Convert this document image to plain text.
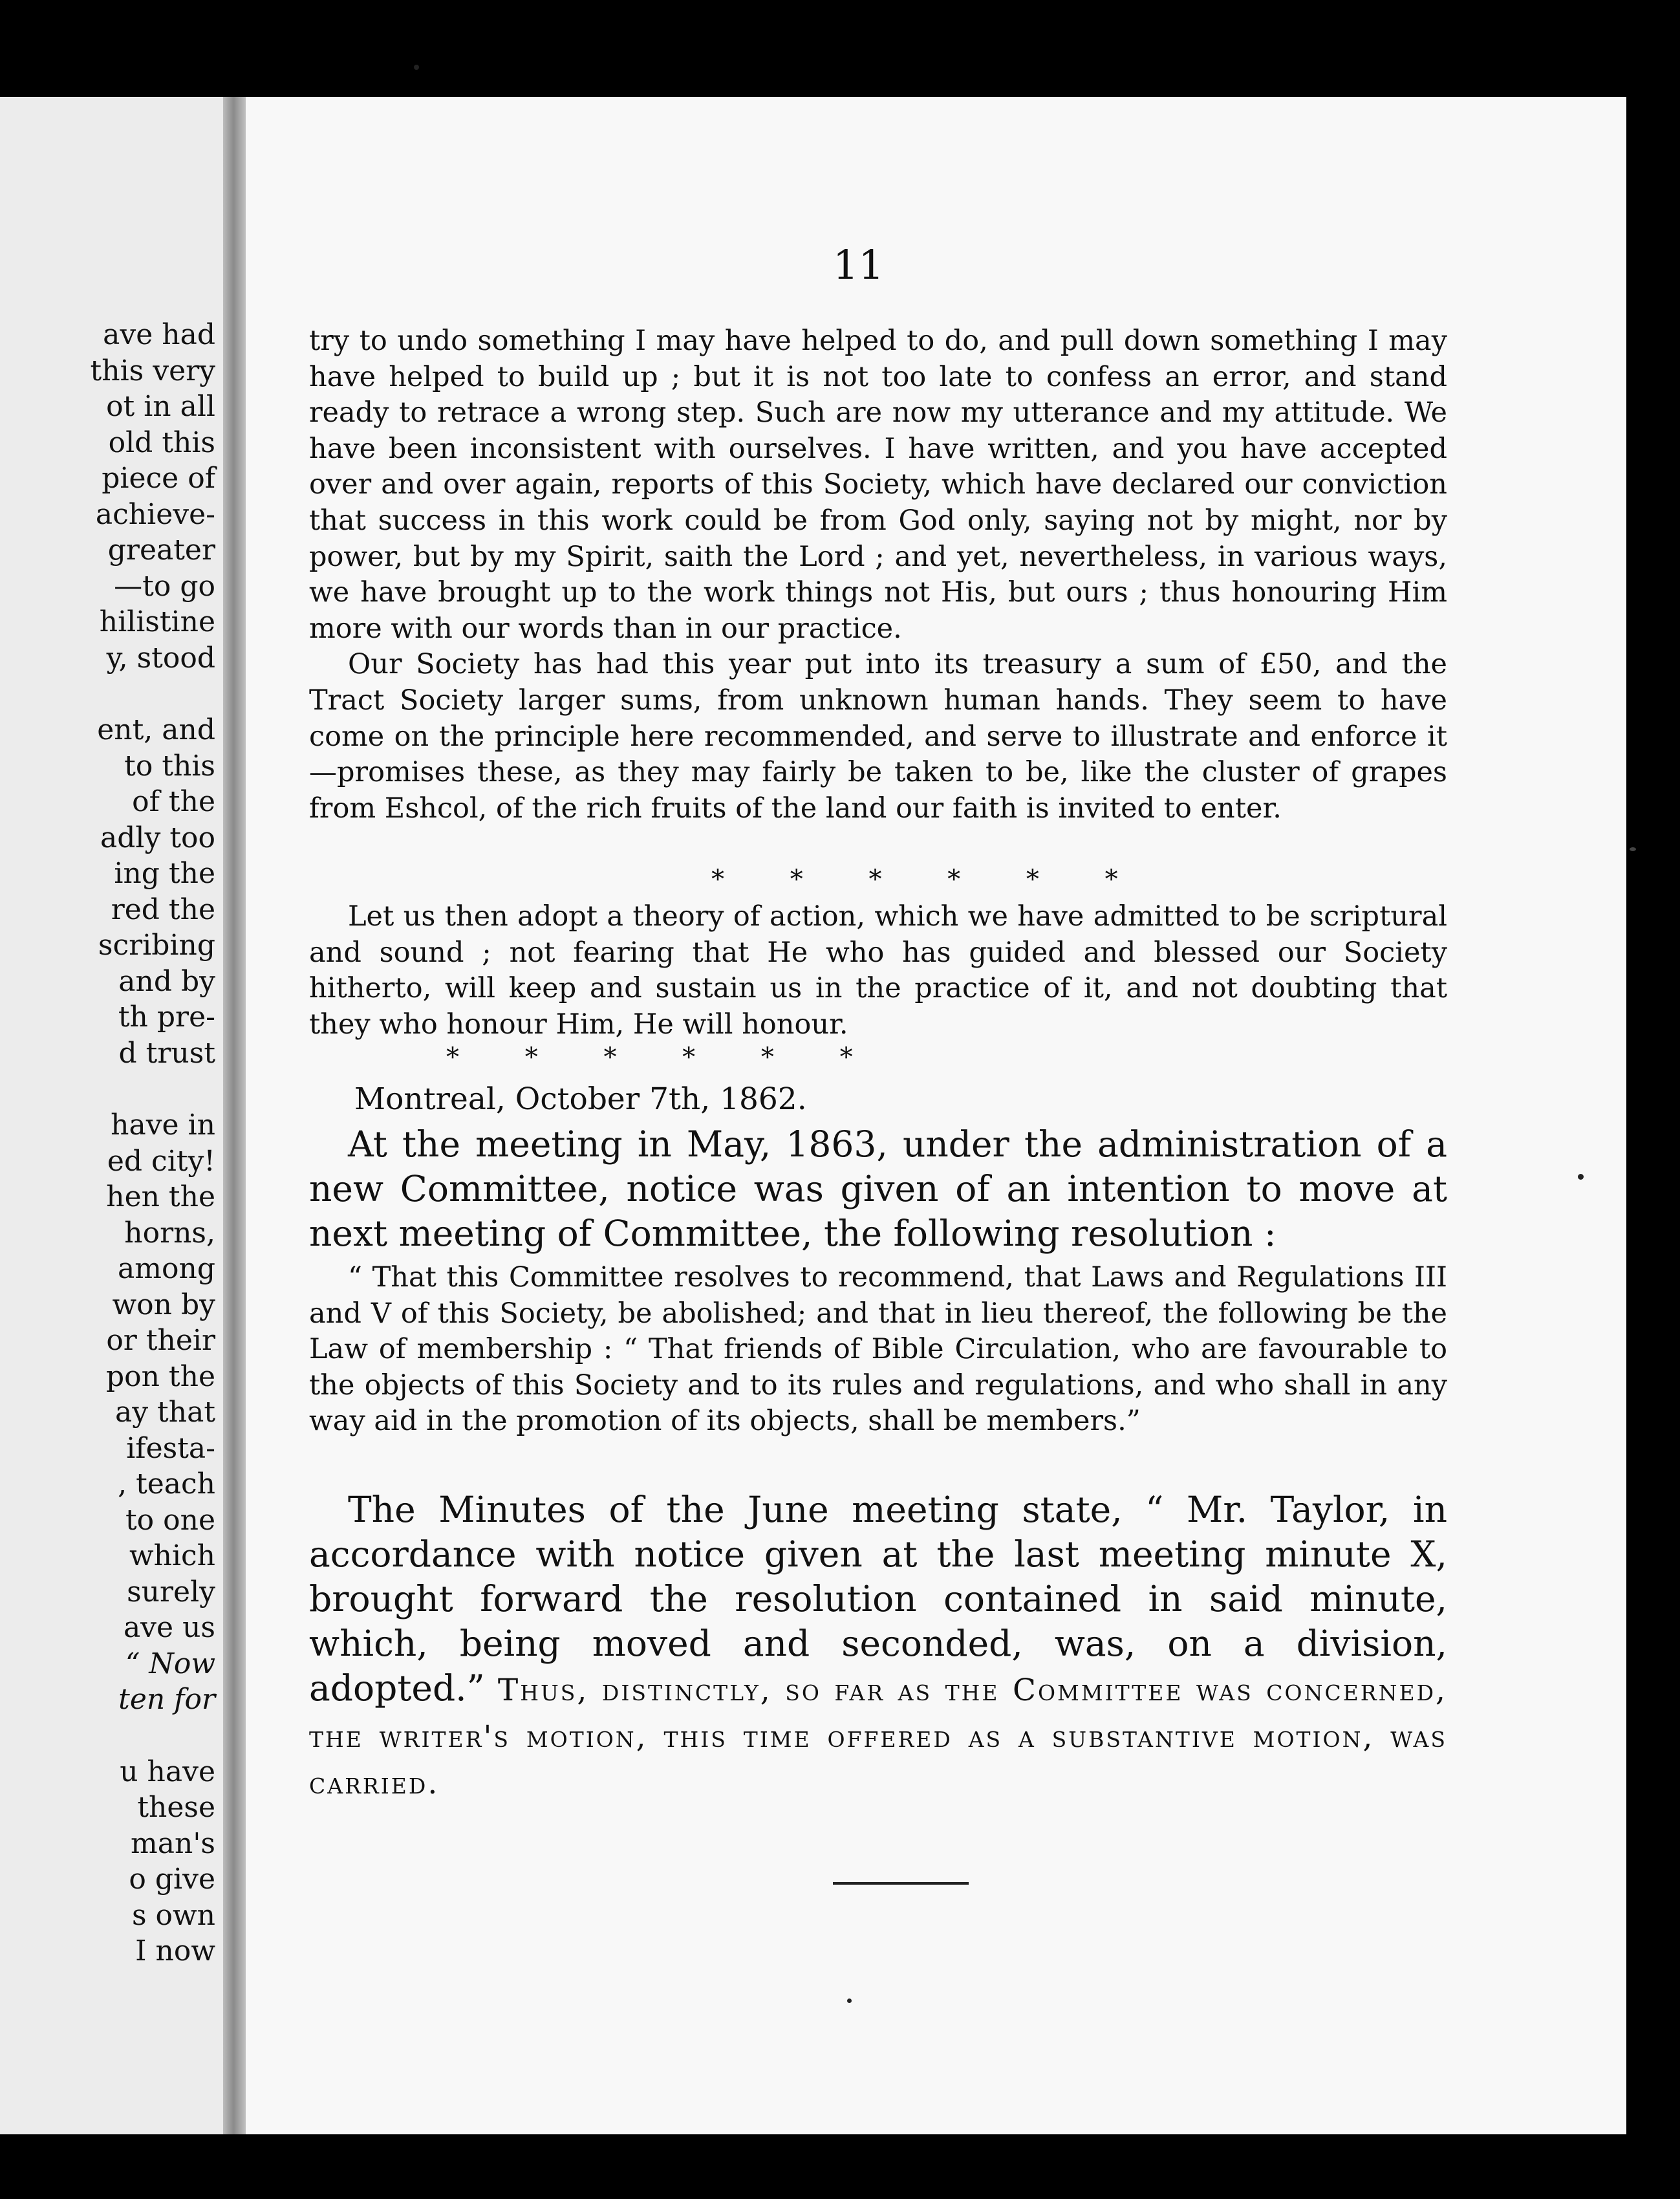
ave had
this very
ot in all
old this
piece of
achieve-
greater
—to go
hilistine
y, stood
ent, and
to this
of the
adly too
ing the
red the
scribing
and by
th pre-
d trust
have in
ed city!
hen the
horns,
among
won by
or their
pon the
ay that
ifesta-
, teach
to one
which
surely
ave us
“ Now
ten for
u have
these
man's
o give
s own
I now
11

try to undo something I may have helped to do, and pull down something I may have helped to build up ; but it is not too late to confess an error, and stand ready to retrace a wrong step. Such are now my utterance and my attitude. We have been inconsistent with ourselves. I have written, and you have accepted over and over again, reports of this Society, which have declared our conviction that success in this work could be from God only, saying not by might, nor by power, but by my Spirit, saith the Lord ; and yet, nevertheless, in various ways, we have brought up to the work things not His, but ours ; thus honouring Him more with our words than in our practice.

Our Society has had this year put into its treasury a sum of £50, and the Tract Society larger sums, from unknown human hands. They seem to have come on the principle here recommended, and serve to illustrate and enforce it—promises these, as they may fairly be taken to be, like the cluster of grapes from Eshcol, of the rich fruits of the land our faith is invited to enter.

*        *        *        *        *        *

Let us then adopt a theory of action, which we have admitted to be scriptural and sound ; not fearing that He who has guided and blessed our Society hitherto, will keep and sustain us in the practice of it, and not doubting that they who honour Him, He will honour.

*        *        *        *        *        *

Montreal, October 7th, 1862.

At the meeting in May, 1863, under the administration of a new Committee, notice was given of an intention to move at next meeting of Committee, the following resolution :

“ That this Committee resolves to recommend, that Laws and Regulations III and V of this Society, be abolished; and that in lieu thereof, the following be the Law of membership : “ That friends of Bible Circulation, who are favourable to the objects of this Society and to its rules and regulations, and who shall in any way aid in the promotion of its objects, shall be members.”

The Minutes of the June meeting state, “ Mr. Taylor, in accordance with notice given at the last meeting minute X, brought forward the resolution contained in said minute, which, being moved and seconded, was, on a division, adopted.” Thus, distinctly, so far as the Committee was concerned, the writer's motion, this time offered as a substantive motion, was carried.
